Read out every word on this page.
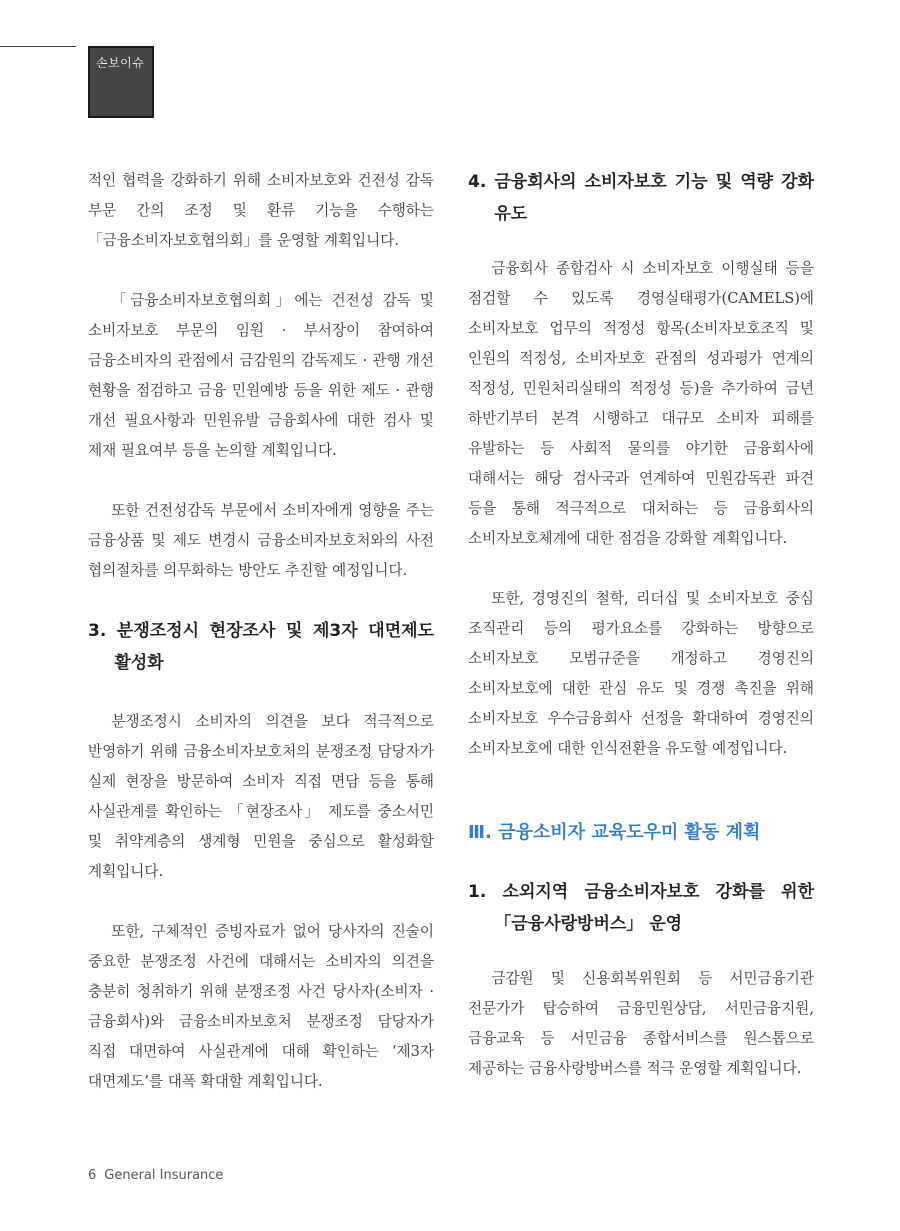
손보이슈

적인 협력을 강화하기 위해 소비자보호와 건전성 감독 부문 간의 조정 및 환류 기능을 수행하는 「금융소비자보호협의회」를 운영할 계획입니다.

「금융소비자보호협의회」에는 건전성 감독 및 소비자보호 부문의 임원 · 부서장이 참여하여 금융소비자의 관점에서 금감원의 감독제도 · 관행 개선 현황을 점검하고 금융 민원예방 등을 위한 제도 · 관행 개선 필요사항과 민원유발 금융회사에 대한 검사 및 제재 필요여부 등을 논의할 계획입니다.

또한 건전성감독 부문에서 소비자에게 영향을 주는 금융상품 및 제도 변경시 금융소비자보호처와의 사전 협의절차를 의무화하는 방안도 추진할 예정입니다.

3. 분쟁조정시 현장조사 및 제3자 대면제도 활성화

분쟁조정시 소비자의 의견을 보다 적극적으로 반영하기 위해 금융소비자보호처의 분쟁조정 담당자가 실제 현장을 방문하여 소비자 직접 면담 등을 통해 사실관계를 확인하는 「현장조사」 제도를 중소서민 및 취약계층의 생계형 민원을 중심으로 활성화할 계획입니다.

또한, 구체적인 증빙자료가 없어 당사자의 진술이 중요한 분쟁조정 사건에 대해서는 소비자의 의견을 충분히 청취하기 위해 분쟁조정 사건 당사자(소비자 · 금융회사)와 금융소비자보호처 분쟁조정 담당자가 직접 대면하여 사실관계에 대해 확인하는 ‘제3자 대면제도’를 대폭 확대할 계획입니다.

4. 금융회사의 소비자보호 기능 및 역량 강화 유도

금융회사 종합검사 시 소비자보호 이행실태 등을 점검할 수 있도록 경영실태평가(CAMELS)에 소비자보호 업무의 적정성 항목(소비자보호조직 및 인원의 적정성, 소비자보호 관점의 성과평가 연계의 적정성, 민원처리실태의 적정성 등)을 추가하여 금년 하반기부터 본격 시행하고 대규모 소비자 피해를 유발하는 등 사회적 물의를 야기한 금융회사에 대해서는 해당 검사국과 연계하여 민원감독관 파견 등을 통해 적극적으로 대처하는 등 금융회사의 소비자보호체계에 대한 점검을 강화할 계획입니다.

또한, 경영진의 철학, 리더십 및 소비자보호 중심 조직관리 등의 평가요소를 강화하는 방향으로 소비자보호 모범규준을 개정하고 경영진의 소비자보호에 대한 관심 유도 및 경쟁 촉진을 위해 소비자보호 우수금융회사 선정을 확대하여 경영진의 소비자보호에 대한 인식전환을 유도할 예정입니다.

Ⅲ. 금융소비자 교육도우미 활동 계획
1. 소외지역 금융소비자보호 강화를 위한 「금융사랑방버스」 운영

금감원 및 신용회복위원회 등 서민금융기관 전문가가 탑승하여 금융민원상담, 서민금융지원, 금융교육 등 서민금융 종합서비스를 원스톱으로 제공하는 금융사랑방버스를 적극 운영할 계획입니다.

6 General Insurance
